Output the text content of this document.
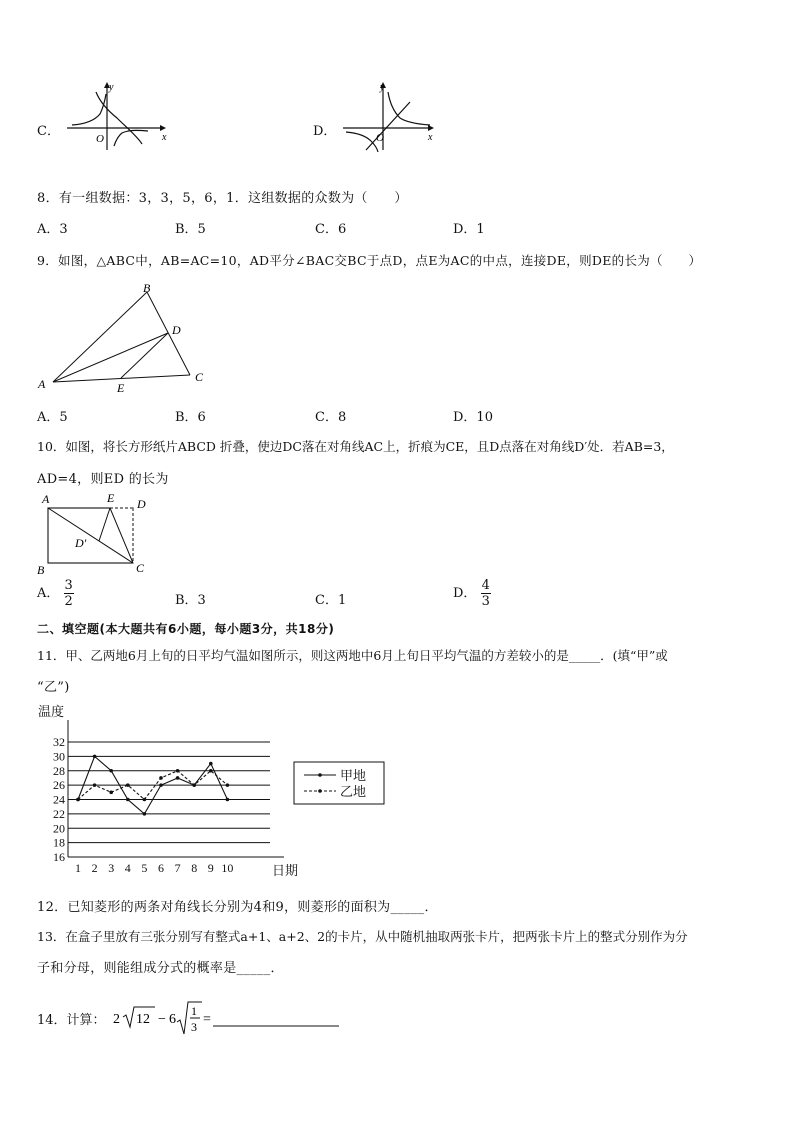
C．
y
x
O	D．
y
x
O
8．有一组数据：3，3，5，6，1．这组数据的众数为（　　）
A．3	B．5	C．6	D．1
9．如图，△ABC中，AB=AC=10，AD平分∠BAC交BC于点D，点E为AC的中点，连接DE，则DE的长为（　　）
A
B
C
D
E
A．5	B．6	C．8	D．10
10．如图，将长方形纸片ABCD 折叠，使边DC落在对角线AC上，折痕为CE，且D点落在对角线D′处．若AB=3，
AD=4，则ED 的长为
A	E D
B	C
D′
A． $\frac{3}{2}$	B．3	C．1	D． $\frac{4}{3}$
二、填空题(本大题共有6小题，每小题3分，共18分)
11．甲、乙两地6月上旬的日平均气温如图所示，则这两地中6月上旬日平均气温的方差较小的是_____．(填“甲”或
“乙”)
16
18
20
22
24
26
28
30
32
温度
日期
1 2 3 4 5 6 7 8 9 10
甲地
乙地
12．已知菱形的两条对角线长分别为4和9，则菱形的面积为_____．
13．在盒子里放有三张分别写有整式a+1、a+2、2的卡片，从中随机抽取两张卡片，把两张卡片上的整式分别作为分
子和分母，则能组成分式的概率是_____．
14．计算： 2 12 − 6
1
3 =
